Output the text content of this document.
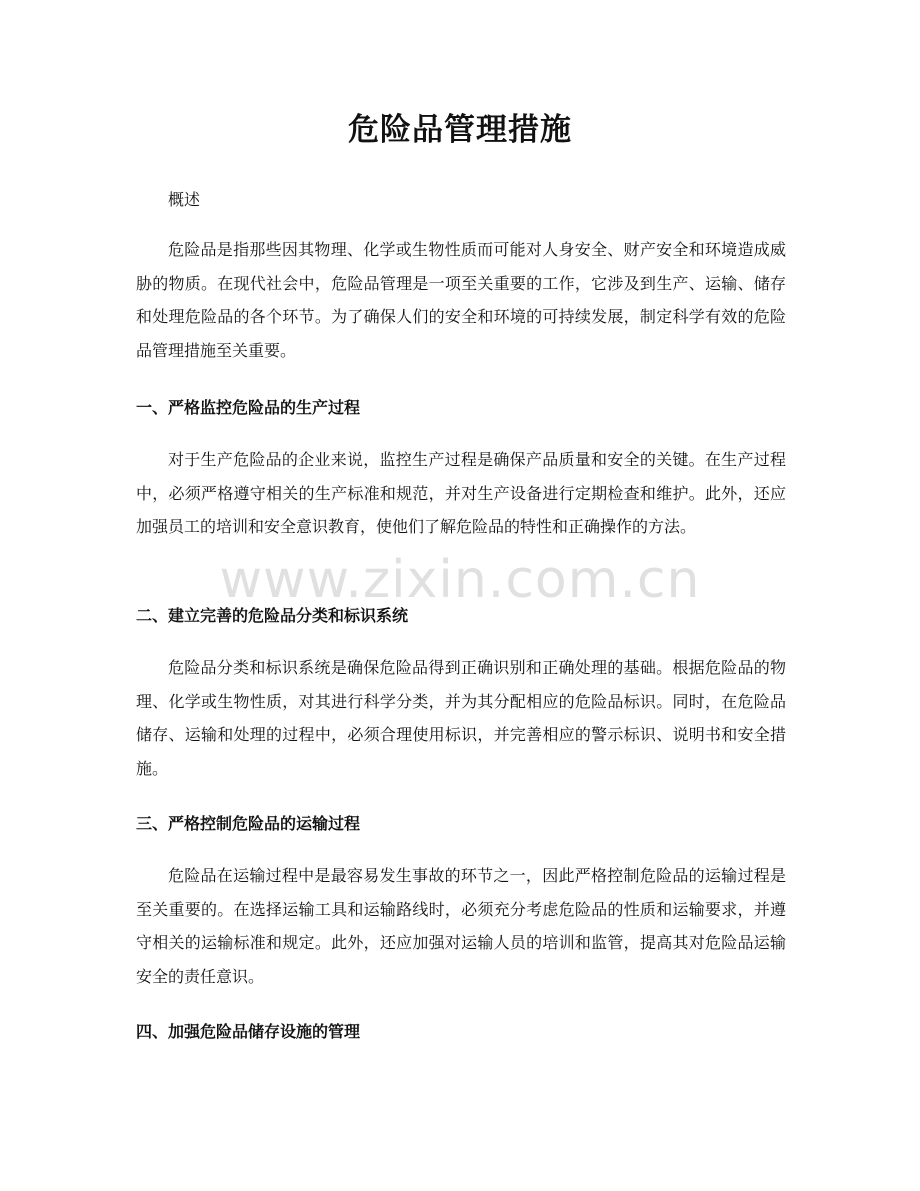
危险品管理措施

概述

危险品是指那些因其物理、化学或生物性质而可能对人身安全、财产安全和环境造成威胁的物质。在现代社会中，危险品管理是一项至关重要的工作，它涉及到生产、运输、储存和处理危险品的各个环节。为了确保人们的安全和环境的可持续发展，制定科学有效的危险品管理措施至关重要。

一、严格监控危险品的生产过程

对于生产危险品的企业来说，监控生产过程是确保产品质量和安全的关键。在生产过程中，必须严格遵守相关的生产标准和规范，并对生产设备进行定期检查和维护。此外，还应加强员工的培训和安全意识教育，使他们了解危险品的特性和正确操作的方法。

二、建立完善的危险品分类和标识系统

危险品分类和标识系统是确保危险品得到正确识别和正确处理的基础。根据危险品的物理、化学或生物性质，对其进行科学分类，并为其分配相应的危险品标识。同时，在危险品储存、运输和处理的过程中，必须合理使用标识，并完善相应的警示标识、说明书和安全措施。

三、严格控制危险品的运输过程

危险品在运输过程中是最容易发生事故的环节之一，因此严格控制危险品的运输过程是至关重要的。在选择运输工具和运输路线时，必须充分考虑危险品的性质和运输要求，并遵守相关的运输标准和规定。此外，还应加强对运输人员的培训和监管，提高其对危险品运输安全的责任意识。

四、加强危险品储存设施的管理
www.zixin.com.cn
